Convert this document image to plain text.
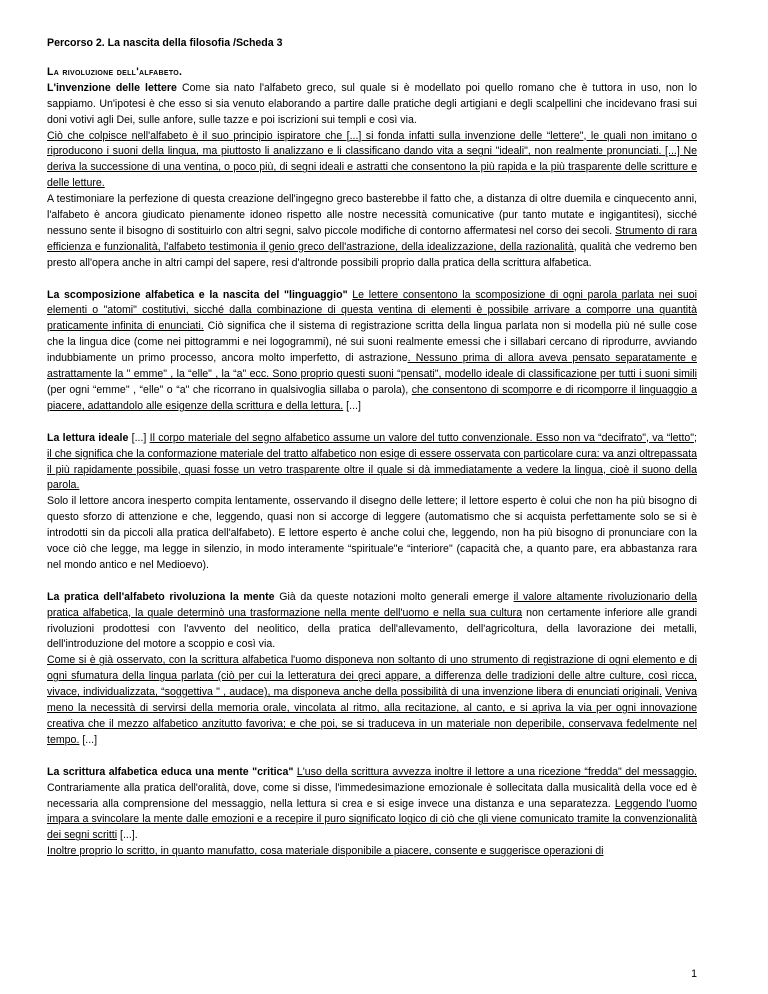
Percorso 2. La nascita della filosofia /Scheda 3
La rivoluzione dell'alfabeto.

L'invenzione delle lettere Come sia nato l'alfabeto greco, sul quale si è modellato poi quello romano che è tuttora in uso, non lo sappiamo. Un'ipotesi è che esso si sia venuto elaborando a partire dalle pratiche degli artigiani e degli scalpellini che incidevano frasi sui doni votivi agli Dei, sulle anfore, sulle tazze e poi iscrizioni sui templi e così via.

Ciò che colpisce nell'alfabeto è il suo principio ispiratore che [...] si fonda infatti sulla invenzione delle “lettere", le quali non imitano o riproducono i suoni della lingua, ma piuttosto li analizzano e li classificano dando vita a segni "ideali", non realmente pronunciati. [...] Ne deriva la successione di una ventina, o poco più, di segni ideali e astratti che consentono la più rapida e la più trasparente delle scritture e delle letture.

A testimoniare la perfezione di questa creazione dell'ingegno greco basterebbe il fatto che, a distanza di oltre duemila e cinquecento anni, l'alfabeto è ancora giudicato pienamente idoneo rispetto alle nostre necessità comunicative (pur tanto mutate e ingigantitesi), sicché nessuno sente il bisogno di sostituirlo con altri segni, salvo piccole modifiche di contorno affermatesi nel corso dei secoli. Strumento di rara efficienza e funzionalità, l'alfabeto testimonia il genio greco dell'astrazione, della idealizzazione, della razionalità, qualità che vedremo ben presto all'opera anche in altri campi del sapere, resi d'altronde possibili proprio dalla pratica della scrittura alfabetica.

La scomposizione alfabetica e la nascita del "linguaggio" Le lettere consentono la scomposizione di ogni parola parlata nei suoi elementi o "atomi" costitutivi, sicché dalla combinazione di questa ventina di elementi è possibile arrivare a comporre una quantità praticamente infinita di enunciati. Ciò significa che il sistema di registrazione scritta della lingua parlata non si modella più né sulle cose che la lingua dice (come nei pittogrammi e nei logogrammi), né sui suoni realmente emessi che i sillabari cercano di riprodurre, avviando indubbiamente un primo processo, ancora molto imperfetto, di astrazione. Nessuno prima di allora aveva pensato separatamente e astrattamente la " emme" , la “elle" , la “a" ecc. Sono proprio questi suoni “pensati", modello ideale di classificazione per tutti i suoni simili (per ogni “emme" , “elle" o “a" che ricorrano in qualsivoglia sillaba o parola), che consentono di scomporre e di ricomporre il linguaggio a piacere, adattandolo alle esigenze della scrittura e della lettura. [...]

La lettura ideale [...] Il corpo materiale del segno alfabetico assume un valore del tutto convenzionale. Esso non va “decifrato", va “letto"; il che significa che la conformazione materiale del tratto alfabetico non esige di essere osservata con particolare cura: va anzi oltrepassata il più rapidamente possibile, quasi fosse un vetro trasparente oltre il quale si dà immediatamente a vedere la lingua, cioè il suono della parola.

Solo il lettore ancora inesperto compita lentamente, osservando il disegno delle lettere; il lettore esperto è colui che non ha più bisogno di questo sforzo di attenzione e che, leggendo, quasi non si accorge di leggere (automatismo che si acquista perfettamente solo se si è introdotti sin da piccoli alla pratica dell'alfabeto). E lettore esperto è anche colui che, leggendo, non ha più bisogno di pronunciare con la voce ciò che legge, ma legge in silenzio, in modo interamente “spirituale"e “interiore" (capacità che, a quanto pare, era abbastanza rara nel mondo antico e nel Medioevo).

La pratica dell'alfabeto rivoluziona la mente Già da queste notazioni molto generali emerge il valore altamente rivoluzionario della pratica alfabetica, la quale determinò una trasformazione nella mente dell'uomo e nella sua cultura non certamente inferiore alle grandi rivoluzioni prodottesi con l'avvento del neolitico, della pratica dell'allevamento, dell'agricoltura, della lavorazione dei metalli, dell'introduzione del motore a scoppio e così via.

Come si è già osservato, con la scrittura alfabetica l'uomo disponeva non soltanto di uno strumento di registrazione di ogni elemento e di ogni sfumatura della lingua parlata (ciò per cui la letteratura dei greci appare, a differenza delle tradizioni delle altre culture, così ricca, vivace, individualizzata, “soggettiva " , audace), ma disponeva anche della possibilità di una invenzione libera di enunciati originali. Veniva meno la necessità di servirsi della memoria orale, vincolata al ritmo, alla recitazione, al canto, e si apriva la via per ogni innovazione creativa che il mezzo alfabetico anzitutto favoriva; e che poi, se si traduceva in un materiale non deperibile, conservava fedelmente nel tempo. [...]

La scrittura alfabetica educa una mente "critica" L'uso della scrittura avvezza inoltre il lettore a una ricezione “fredda" del messaggio. Contrariamente alla pratica dell'oralità, dove, come si disse, l'immedesimazione emozionale è sollecitata dalla musicalità della voce ed è necessaria alla comprensione del messaggio, nella lettura si crea e si esige invece una distanza e una separatezza. Leggendo l'uomo impara a svincolare la mente dalle emozioni e a recepire il puro significato logico di ciò che gli viene comunicato tramite la convenzionalità dei segni scritti [...].

Inoltre proprio lo scritto, in quanto manufatto, cosa materiale disponibile a piacere, consente e suggerisce operazioni di

1
